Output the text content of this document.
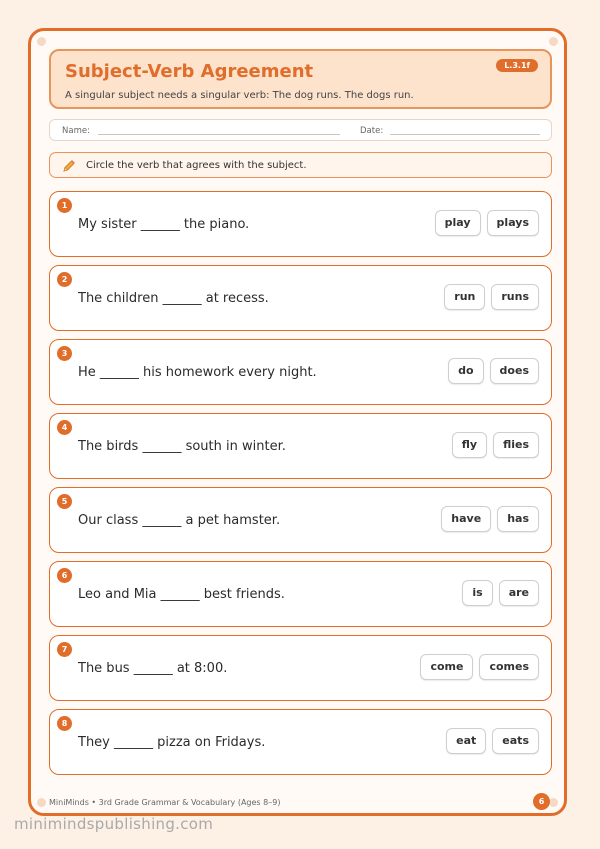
Subject-Verb Agreement
A singular subject needs a singular verb: The dog runs. The dogs run.
L.3.1f
Name:	Date:
Circle the verb that agrees with the subject.
1
My sister ______ the piano.	play	plays
2
The children ______ at recess.	run	runs
3
He ______ his homework every night.	do	does
4
The birds ______ south in winter.	fly	flies
5
Our class ______ a pet hamster.	have	has
6
Leo and Mia ______ best friends.	is	are
7
The bus ______ at 8:00.	come	comes
8
They ______ pizza on Fridays.	eat	eats
MiniMinds • 3rd Grade Grammar & Vocabulary (Ages 8–9)	6
minimindspublishing.com
